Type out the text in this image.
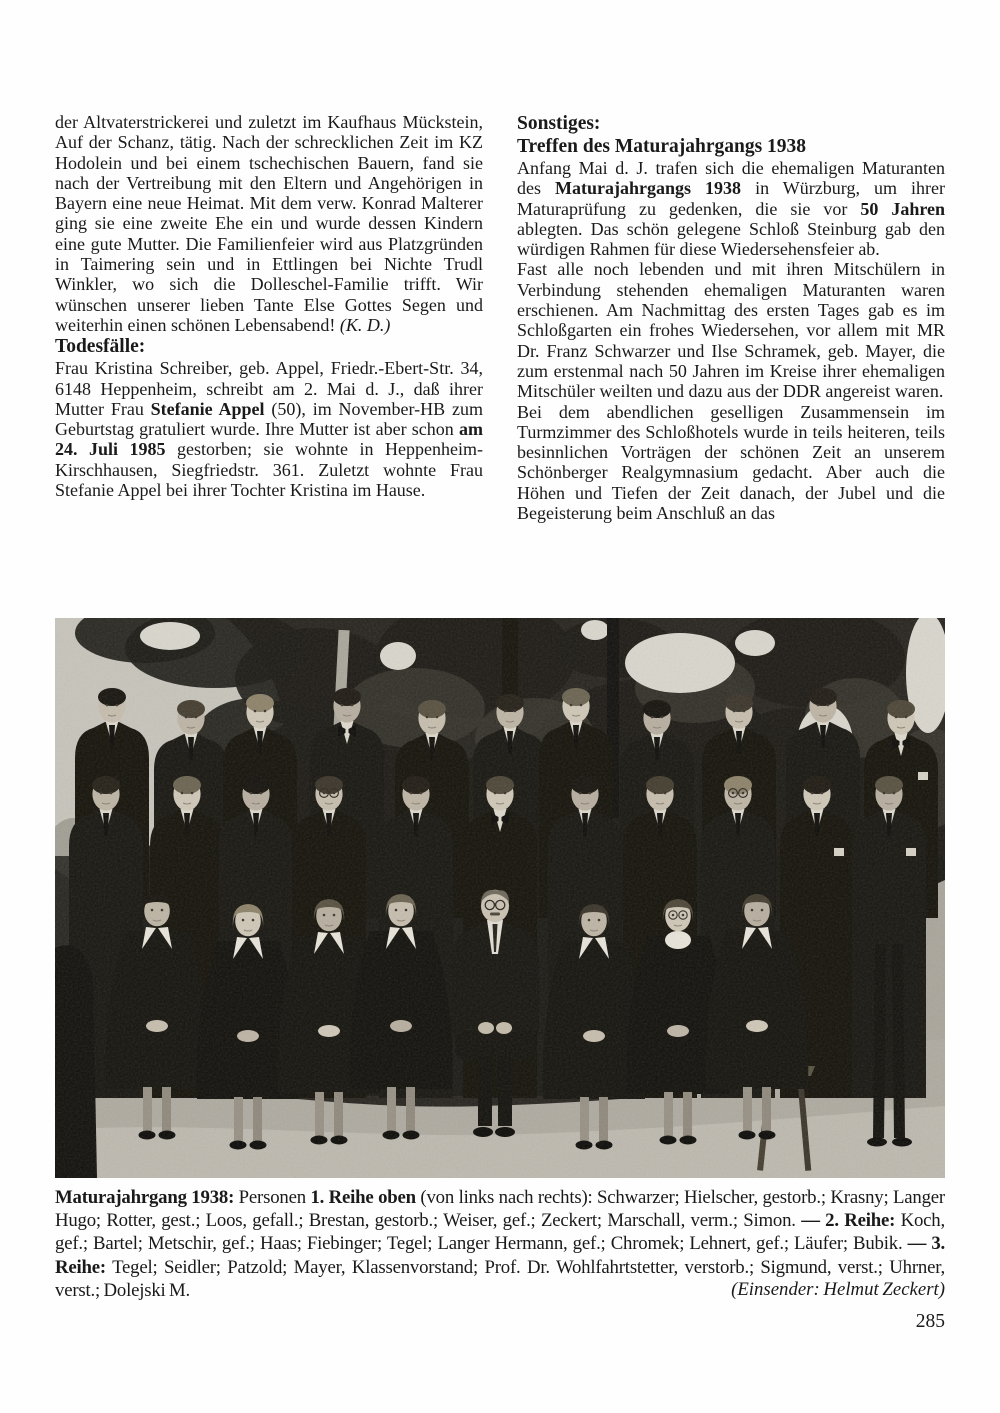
der Altvaterstrickerei und zuletzt im Kaufhaus Mückstein, Auf der Schanz, tätig. Nach der schrecklichen Zeit im KZ Hodolein und bei einem tschechischen Bauern, fand sie nach der Vertreibung mit den Eltern und Angehörigen in Bayern eine neue Heimat. Mit dem verw. Konrad Malterer ging sie eine zweite Ehe ein und wurde dessen Kindern eine gute Mutter. Die Familienfeier wird aus Platzgründen in Taimering sein und in Ettlingen bei Nichte Trudl Winkler, wo sich die Dolleschel-Familie trifft. Wir wünschen unserer lieben Tante Else Gottes Segen und weiterhin einen schönen Lebensabend! (K. D.)

Todesfälle:

Frau Kristina Schreiber, geb. Appel, Friedr.-Ebert-Str. 34, 6148 Heppenheim, schreibt am 2. Mai d. J., daß ihrer Mutter Frau Stefanie Appel (50), im November-HB zum Geburtstag gratuliert wurde. Ihre Mutter ist aber schon am 24. Juli 1985 gestorben; sie wohnte in Heppenheim-Kirschhausen, Siegfriedstr. 361. Zuletzt wohnte Frau Stefanie Appel bei ihrer Tochter Kristina im Hause.

Sonstiges:
Treffen des Maturajahrgangs 1938

Anfang Mai d. J. trafen sich die ehemaligen Maturanten des Maturajahrgangs 1938 in Würzburg, um ihrer Maturaprüfung zu gedenken, die sie vor 50 Jahren ablegten. Das schön gelegene Schloß Steinburg gab den würdigen Rahmen für diese Wiedersehensfeier ab.

Fast alle noch lebenden und mit ihren Mitschülern in Verbindung stehenden ehemaligen Maturanten waren erschienen. Am Nachmittag des ersten Tages gab es im Schloßgarten ein frohes Wiedersehen, vor allem mit MR Dr. Franz Schwarzer und Ilse Schramek, geb. Mayer, die zum erstenmal nach 50 Jahren im Kreise ihrer ehemaligen Mitschüler weilten und dazu aus der DDR angereist waren.

Bei dem abendlichen geselligen Zusammensein im Turmzimmer des Schloßhotels wurde in teils heiteren, teils besinnlichen Vorträgen der schönen Zeit an unserem Schönberger Realgymnasium gedacht. Aber auch die Höhen und Tiefen der Zeit danach, der Jubel und die Begeisterung beim Anschluß an das

(Einsender: Helmut Zeckert)
Maturajahrgang 1938: Personen 1. Reihe oben (von links nach rechts): Schwarzer; Hielscher, gestorb.; Krasny; Langer Hugo; Rotter, gest.; Loos, gefall.; Brestan, gestorb.; Weiser, gef.; Zeckert; Marschall, verm.; Simon. — 2. Reihe: Koch, gef.; Bartel; Metschir, gef.; Haas; Fiebinger; Tegel; Langer Hermann, gef.; Chromek; Lehnert, gef.; Läufer; Bubik. — 3. Reihe: Tegel; Seidler; Patzold; Mayer, Klassenvorstand; Prof. Dr. Wohlfahrtstetter, verstorb.; Sigmund, verst.; Uhrner, verst.; Dolejski M.

285
